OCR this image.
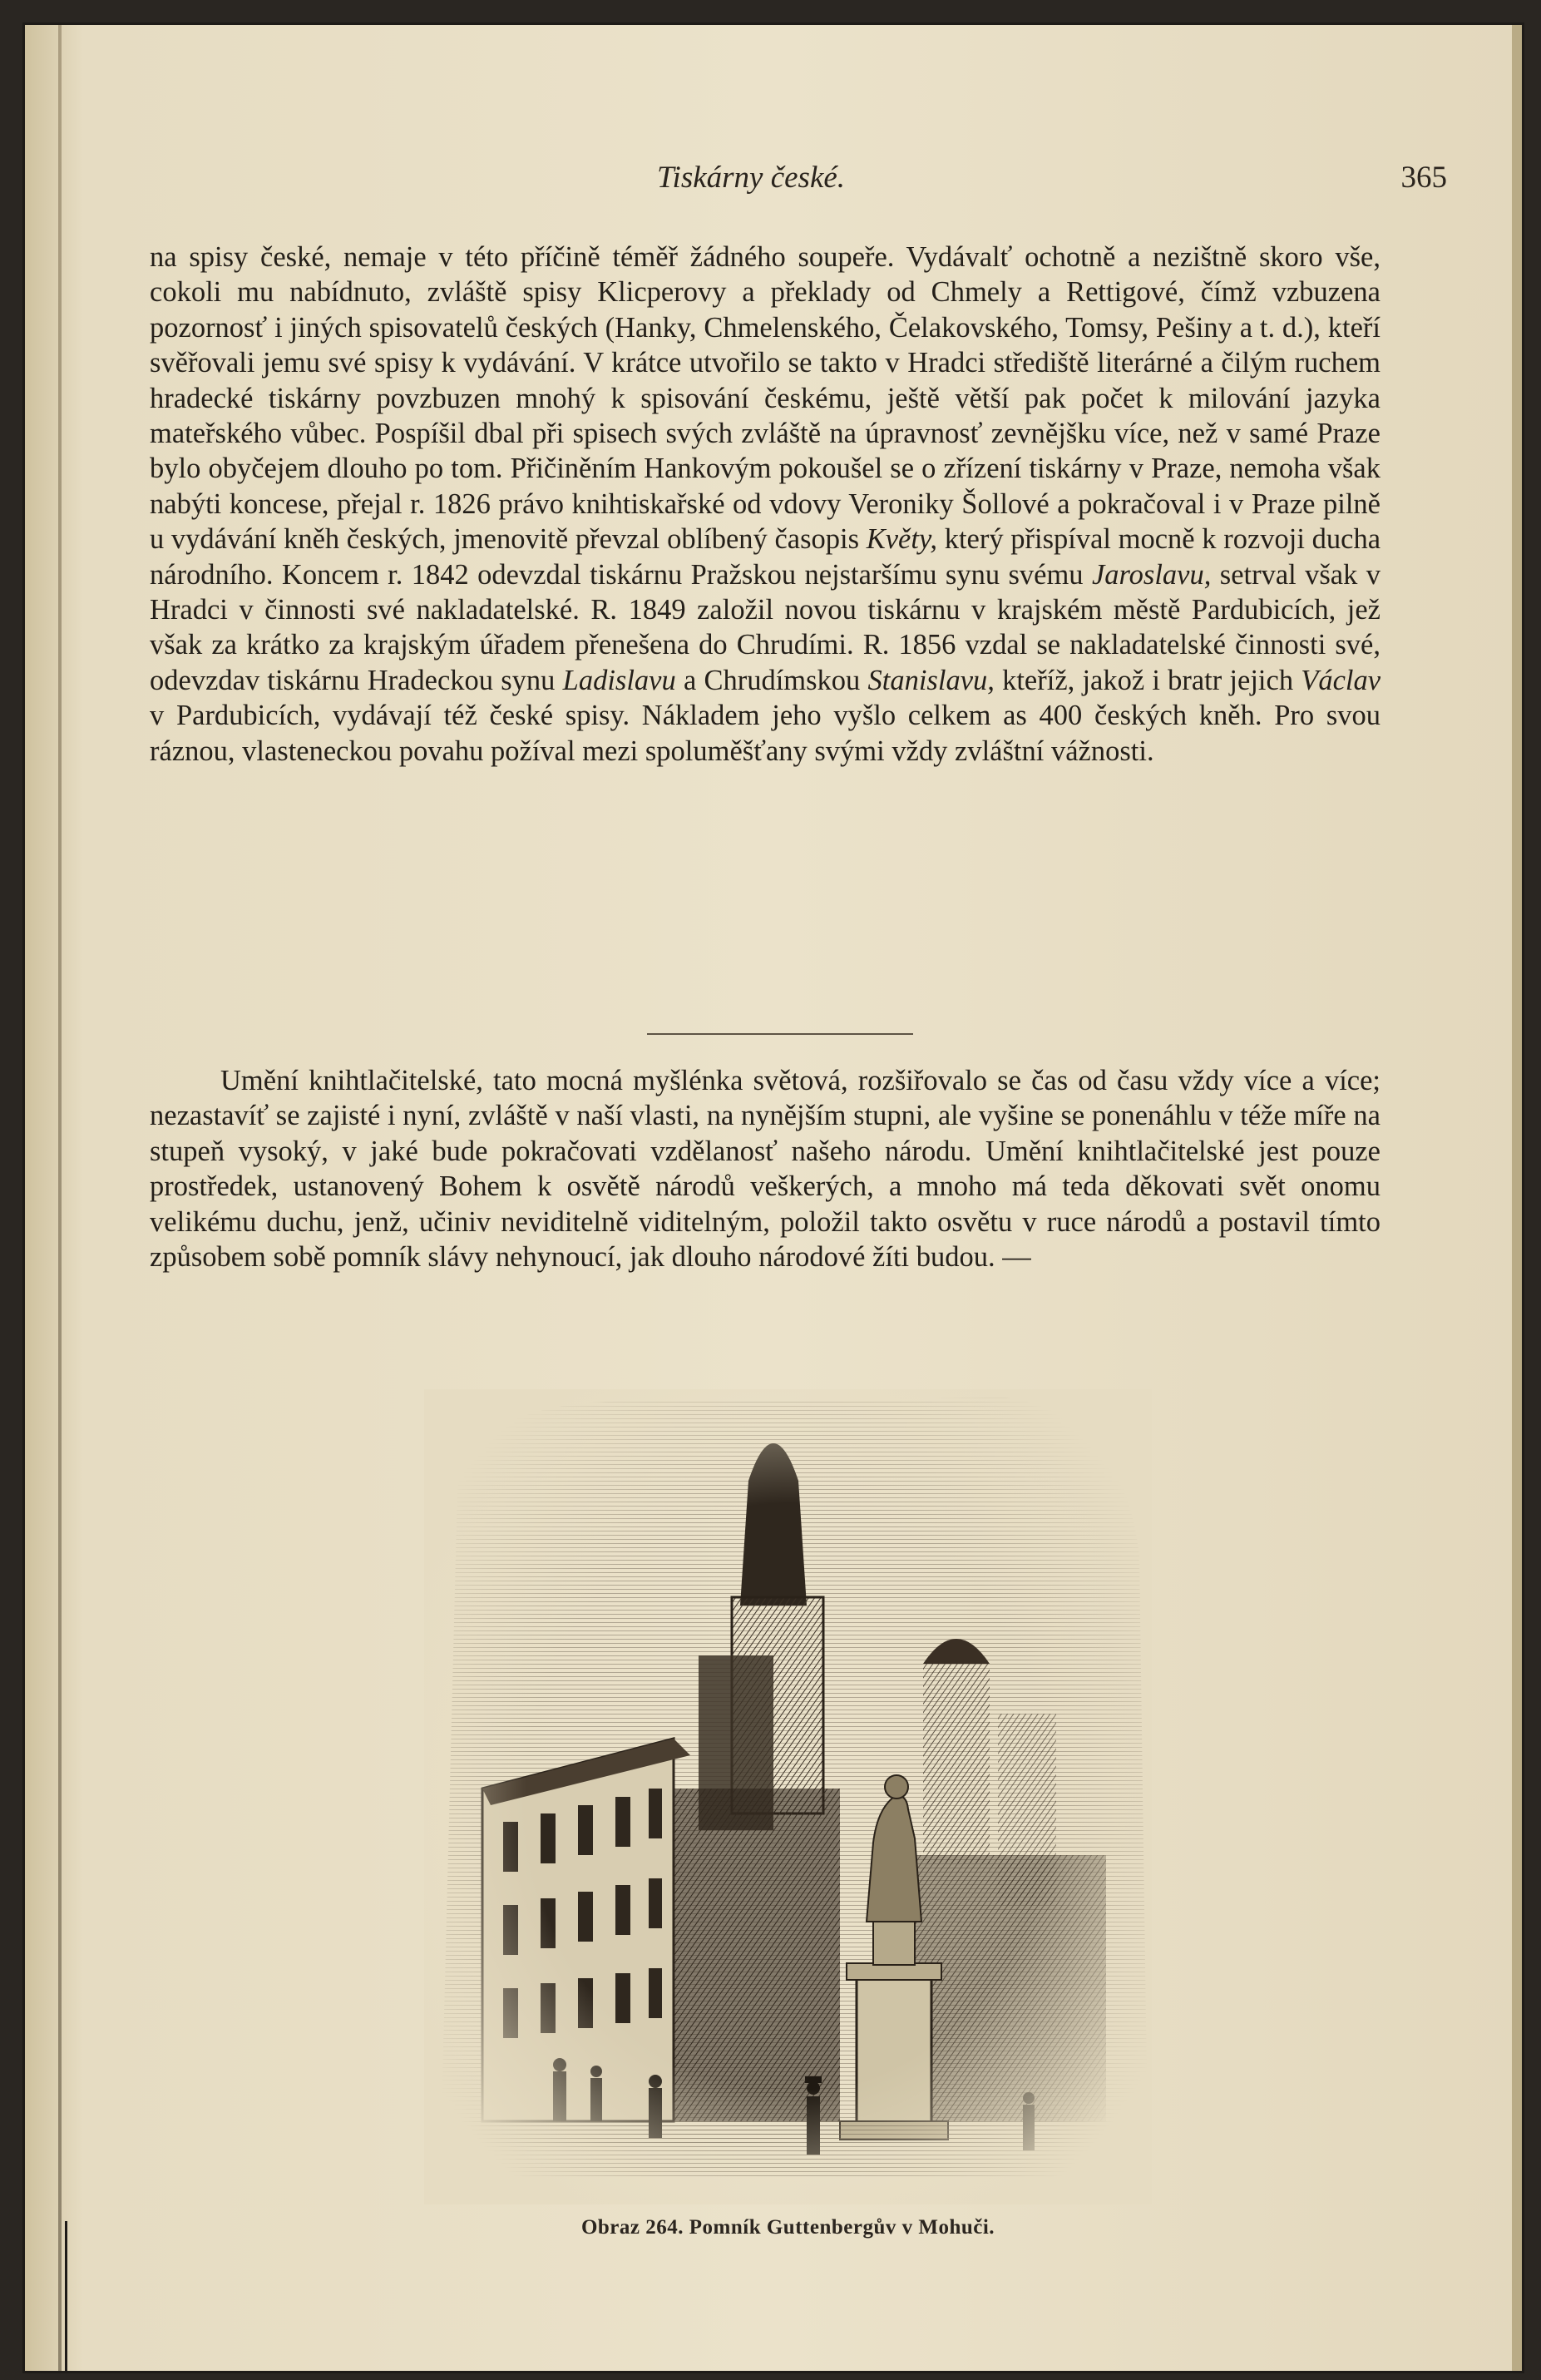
Tiskárny české.	365
na spisy české, nemaje v této příčině téměř žádného soupeře. Vydávalť ochotně a nezištně skoro vše, cokoli mu nabídnuto, zvláště spisy Klicperovy a překlady od Chmely a Rettigové, čímž vzbuzena pozornosť i jiných spisovatelů českých (Hanky, Chmelenského, Čelakovského, Tomsy, Pešiny a t. d.), kteří svěřovali jemu své spisy k vydávání. V krátce utvořilo se takto v Hradci střediště literárné a čilým ruchem hradecké tiskárny povzbuzen mnohý k spisování českému, ještě větší pak počet k milování jazyka mateřského vůbec. Pospíšil dbal při spisech svých zvláště na úpravnosť zevnějšku více, než v samé Praze bylo obyčejem dlouho po tom. Přičiněním Hankovým pokoušel se o zřízení tiskárny v Praze, nemoha však nabýti koncese, přejal r. 1826 právo knihtiskařské od vdovy Veroniky Šollové a pokračoval i v Praze pilně u vydávání kněh českých, jmenovitě převzal oblíbený časopis Květy, který přispíval mocně k rozvoji ducha národního. Koncem r. 1842 odevzdal tiskárnu Pražskou nejstaršímu synu svému Jaroslavu, setrval však v Hradci v činnosti své nakladatelské. R. 1849 založil novou tiskárnu v krajském městě Pardubicích, jež však za krátko za krajským úřadem přenešena do Chrudími. R. 1856 vzdal se nakladatelské činnosti své, odevzdav tiskárnu Hradeckou synu Ladislavu a Chrudímskou Stanislavu, kteříž, jakož i bratr jejich Václav v Pardubicích, vydávají též české spisy. Nákladem jeho vyšlo celkem as 400 českých kněh. Pro svou ráznou, vlasteneckou povahu požíval mezi spoluměšťany svými vždy zvláštní vážnosti.
Umění knihtlačitelské, tato mocná myšlénka světová, rozšiřovalo se čas od času vždy více a více; nezastavíť se zajisté i nyní, zvláště v naší vlasti, na nynějším stupni, ale vyšine se ponenáhlu v téže míře na stupeň vysoký, v jaké bude pokračovati vzdělanosť našeho národu. Umění knihtlačitelské jest pouze prostředek, ustanovený Bohem k osvětě národů veškerých, a mnoho má teda děkovati svět onomu velikému duchu, jenž, učiniv neviditelně viditelným, položil takto osvětu v ruce národů a postavil tímto způsobem sobě pomník slávy nehynoucí, jak dlouho národové žíti budou. —
Obraz 264. Pomník Guttenbergův v Mohuči.
